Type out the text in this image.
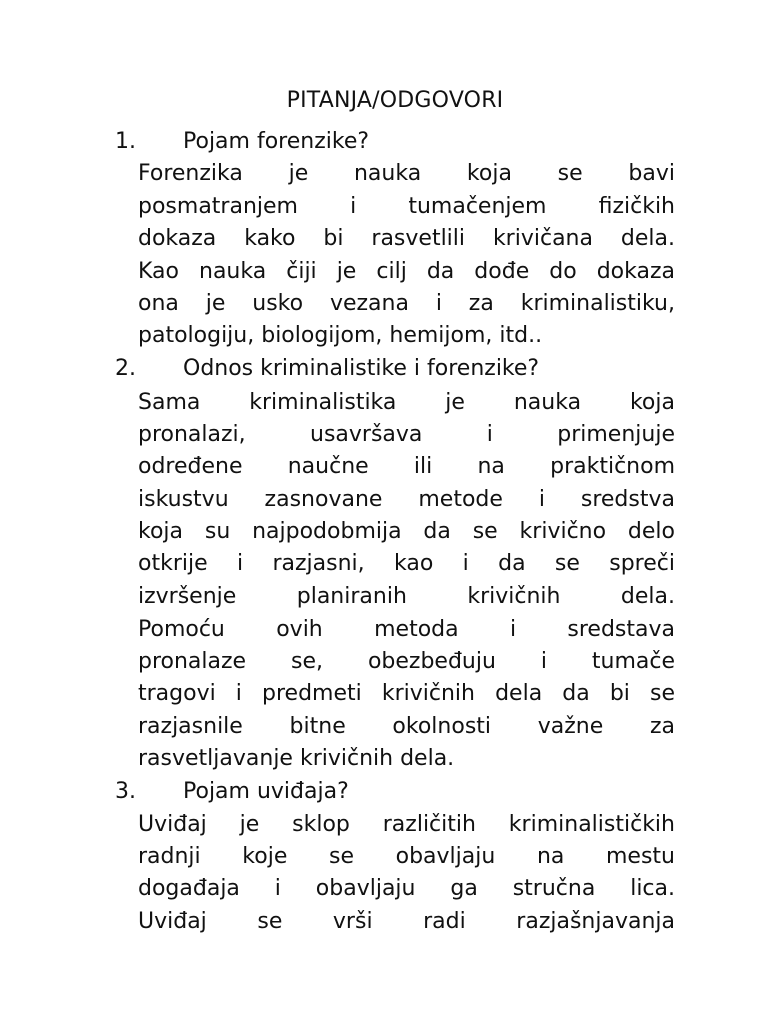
PITANJA/ODGOVORI
1. Pojam forenzike?
Forenzika je nauka koja se bavi
posmatranjem i tumačenjem fizičkih
dokaza kako bi rasvetlili krivičana dela.
Kao nauka čiji je cilj da dođe do dokaza
ona je usko vezana i za kriminalistiku,
patologiju, biologijom, hemijom, itd..
2. Odnos kriminalistike i forenzike?
Sama kriminalistika je nauka koja
pronalazi, usavršava i primenjuje
određene naučne ili na praktičnom
iskustvu zasnovane metode i sredstva
koja su najpodobmija da se krivično delo
otkrije i razjasni, kao i da se spreči
izvršenje planiranih krivičnih dela.
Pomoću ovih metoda i sredstava
pronalaze se, obezbeđuju i tumače
tragovi i predmeti krivičnih dela da bi se
razjasnile bitne okolnosti važne za
rasvetljavanje krivičnih dela.
3. Pojam uviđaja?
Uviđaj je sklop različitih kriminalističkih
radnji koje se obavljaju na mestu
događaja i obavljaju ga stručna lica.
Uviđaj se vrši radi razjašnjavanja
